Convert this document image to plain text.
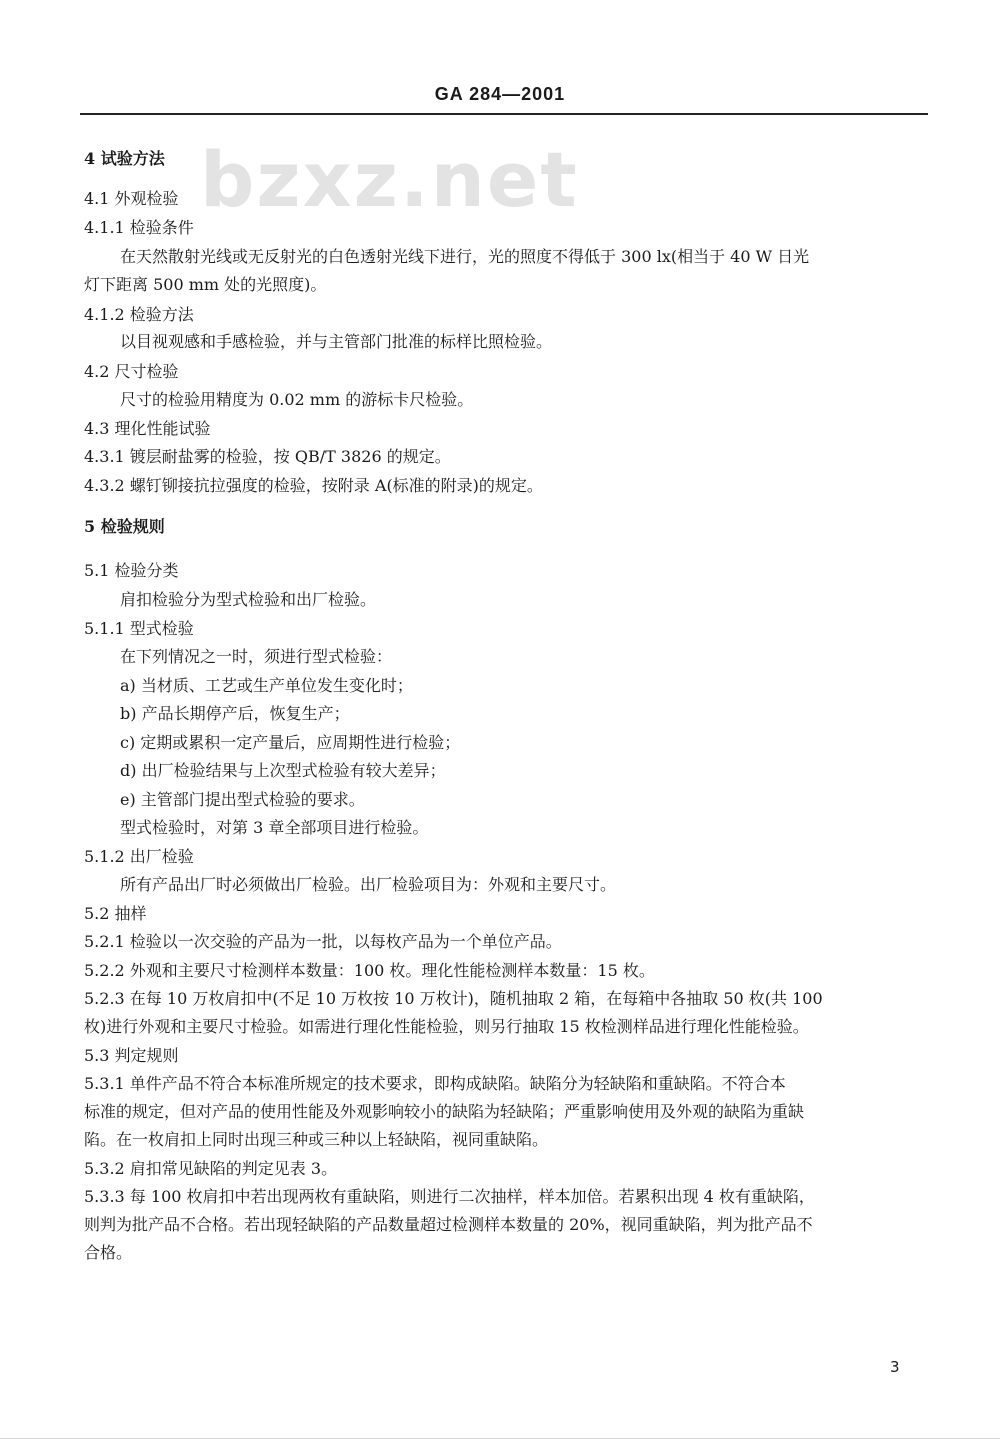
GA 284—2001
bzxz.net
4 试验方法
4.1 外观检验
4.1.1 检验条件
在天然散射光线或无反射光的白色透射光线下进行，光的照度不得低于 300 lx(相当于 40 W 日光
灯下距离 500 mm 处的光照度)。
4.1.2 检验方法
以目视观感和手感检验，并与主管部门批准的标样比照检验。
4.2 尺寸检验
尺寸的检验用精度为 0.02 mm 的游标卡尺检验。
4.3 理化性能试验
4.3.1 镀层耐盐雾的检验，按 QB/T 3826 的规定。
4.3.2 螺钉铆接抗拉强度的检验，按附录 A(标准的附录)的规定。
5 检验规则
5.1 检验分类
肩扣检验分为型式检验和出厂检验。
5.1.1 型式检验
在下列情况之一时，须进行型式检验：
a) 当材质、工艺或生产单位发生变化时；
b) 产品长期停产后，恢复生产；
c) 定期或累积一定产量后，应周期性进行检验；
d) 出厂检验结果与上次型式检验有较大差异；
e) 主管部门提出型式检验的要求。
型式检验时，对第 3 章全部项目进行检验。
5.1.2 出厂检验
所有产品出厂时必须做出厂检验。出厂检验项目为：外观和主要尺寸。
5.2 抽样
5.2.1 检验以一次交验的产品为一批，以每枚产品为一个单位产品。
5.2.2 外观和主要尺寸检测样本数量：100 枚。理化性能检测样本数量：15 枚。
5.2.3 在每 10 万枚肩扣中(不足 10 万枚按 10 万枚计)，随机抽取 2 箱，在每箱中各抽取 50 枚(共 100
枚)进行外观和主要尺寸检验。如需进行理化性能检验，则另行抽取 15 枚检测样品进行理化性能检验。
5.3 判定规则
5.3.1 单件产品不符合本标准所规定的技术要求，即构成缺陷。缺陷分为轻缺陷和重缺陷。不符合本
标准的规定，但对产品的使用性能及外观影响较小的缺陷为轻缺陷；严重影响使用及外观的缺陷为重缺
陷。在一枚肩扣上同时出现三种或三种以上轻缺陷，视同重缺陷。
5.3.2 肩扣常见缺陷的判定见表 3。
5.3.3 每 100 枚肩扣中若出现两枚有重缺陷，则进行二次抽样，样本加倍。若累积出现 4 枚有重缺陷，
则判为批产品不合格。若出现轻缺陷的产品数量超过检测样本数量的 20%，视同重缺陷，判为批产品不
合格。
3
